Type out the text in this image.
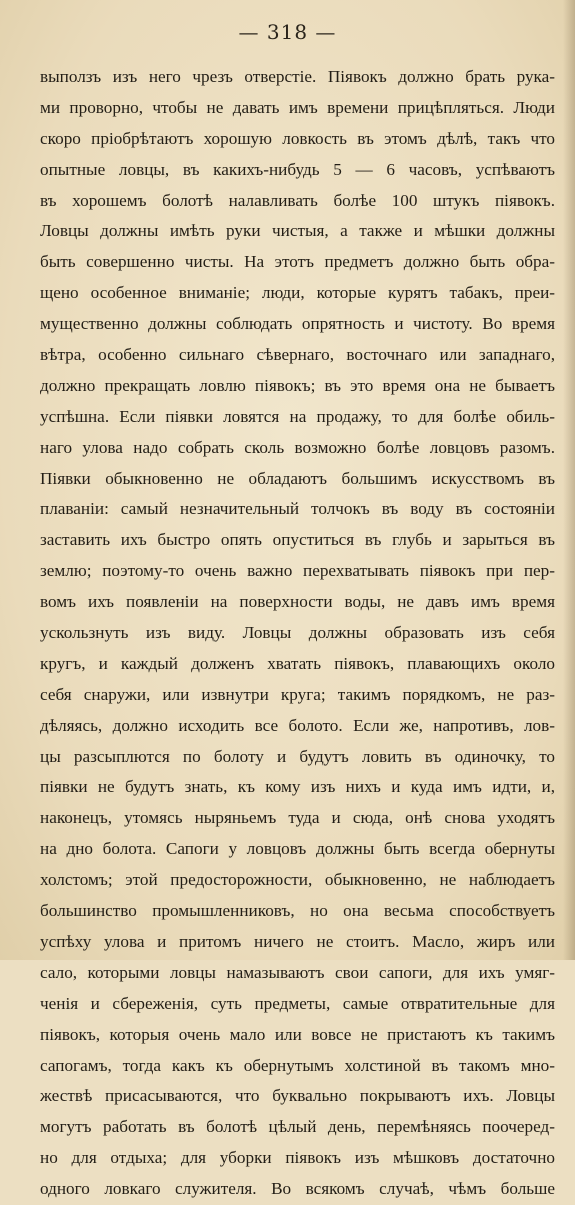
— 318 —
выползъ изъ него чрезъ отверстіе. Піявокъ должно брать рука-
ми проворно, чтобы не давать имъ времени прицѣпляться. Люди
скоро пріобрѣтаютъ хорошую ловкость въ этомъ дѣлѣ, такъ что
опытные ловцы, въ какихъ-нибудь 5 — 6 часовъ, успѣваютъ
въ хорошемъ болотѣ налавливать болѣе 100 штукъ піявокъ.
Ловцы должны имѣть руки чистыя, а также и мѣшки должны
быть совершенно чисты. На этотъ предметъ должно быть обра-
щено особенное вниманіе; люди, которые курятъ табакъ, преи-
мущественно должны соблюдать опрятность и чистоту. Во время
вѣтра, особенно сильнаго сѣвернаго, восточнаго или западнаго,
должно прекращать ловлю піявокъ; въ это время она не бываетъ
успѣшна. Если піявки ловятся на продажу, то для болѣе обиль-
наго улова надо собрать сколь возможно болѣе ловцовъ разомъ.
Піявки обыкновенно не обладаютъ большимъ искусствомъ въ
плаваніи: самый незначительный толчокъ въ воду въ состояніи
заставить ихъ быстро опять опуститься въ глубь и зарыться въ
землю; поэтому-то очень важно перехватывать піявокъ при пер-
вомъ ихъ появленіи на поверхности воды, не давъ имъ время
ускользнуть изъ виду. Ловцы должны образовать изъ себя
кругъ, и каждый долженъ хватать піявокъ, плавающихъ около
себя снаружи, или извнутри круга; такимъ порядкомъ, не раз-
дѣляясь, должно исходить все болото. Если же, напротивъ, лов-
цы разсыплются по болоту и будутъ ловить въ одиночку, то
піявки не будутъ знать, къ кому изъ нихъ и куда имъ идти, и,
наконецъ, утомясь ныряньемъ туда и сюда, онѣ снова уходятъ
на дно болота. Сапоги у ловцовъ должны быть всегда обернуты
холстомъ; этой предосторожности, обыкновенно, не наблюдаетъ
большинство промышленниковъ, но она весьма способствуетъ
успѣху улова и притомъ ничего не стоитъ. Масло, жиръ или
сало, которыми ловцы намазываютъ свои сапоги, для ихъ умяг-
ченія и сбереженія, суть предметы, самые отвратительные для
піявокъ, которыя очень мало или вовсе не пристаютъ къ такимъ
сапогамъ, тогда какъ къ обернутымъ холстиной въ такомъ мно-
жествѣ присасываются, что буквально покрываютъ ихъ. Ловцы
могутъ работать въ болотѣ цѣлый день, перемѣняясь поочеред-
но для отдыха; для уборки піявокъ изъ мѣшковъ достаточно
одного ловкаго служителя. Во всякомъ случаѣ, чѣмъ больше
